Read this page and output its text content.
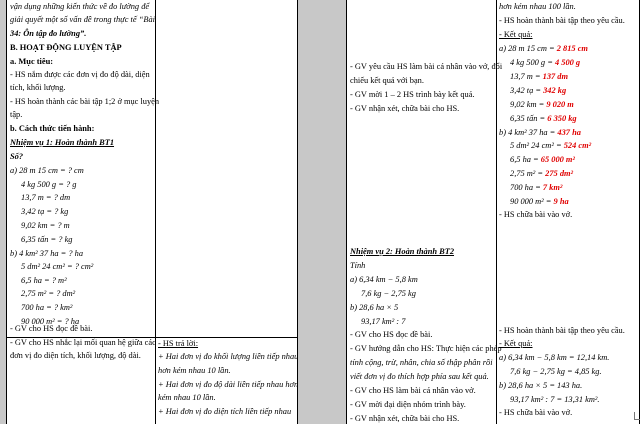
vận dụng những kiến thức về đo lường để
giải quyết một số vấn đề trong thực tế “Bài
34: Ôn tập đo lường”.
B. HOẠT ĐỘNG LUYỆN TẬP
a. Mục tiêu:
- HS nắm được các đơn vị đo độ dài, diện
tích, khối lượng.
- HS hoàn thành các bài tập 1;2 ở mục luyện
tập.
b. Cách thức tiến hành:
Nhiệm vụ 1: Hoàn thành BT1
Số?
a) 28 m 15 cm = ? cm
4 kg 500 g = ? g
13,7 m = ? dm
3,42 tạ = ? kg
9,02 km = ? m
6,35 tấn = ? kg
b) 4 km² 37 ha = ? ha
5 dm² 24 cm² = ? cm²
6,5 ha = ? m²
2,75 m² = ? dm²
700 ha = ? km²
90 000 m² = ? ha
- GV cho HS đọc đề bài.
- GV cho HS nhắc lại mối quan hệ giữa các
đơn vị đo diện tích, khối lượng, độ dài.
- HS trả lời:
+ Hai đơn vị đo khối lượng liền tiếp nhau
hơn kém nhau 10 lần.
+ Hai đơn vị đo độ dài liền tiếp nhau hơn
kém nhau 10 lần.
+ Hai đơn vị đo diện tích liền tiếp nhau
- GV yêu cầu HS làm bài cá nhân vào vở, đổi
chiếu kết quả với bạn.
- GV mời 1 – 2 HS trình bày kết quả.
- GV nhận xét, chữa bài cho HS.
Nhiệm vụ 2: Hoàn thành BT2
Tính
a) 6,34 km − 5,8 km
7,6 kg − 2,75 kg
b) 28,6 ha × 5
93,17 km² : 7
- GV cho HS đọc đề bài.
- GV hướng dẫn cho HS: Thực hiện các phép
tính cộng, trừ, nhân, chia số thập phân rồi
viết đơn vị đo thích hợp phía sau kết quả.
- GV cho HS làm bài cá nhân vào vở.
- GV mời đại diện nhóm trình bày.
- GV nhận xét, chữa bài cho HS.
hơn kém nhau 100 lần.
- HS hoàn thành bài tập theo yêu cầu.
- Kết quả:
a) 28 m 15 cm = 2 815 cm
4 kg 500 g = 4 500 g
13,7 m = 137 dm
3,42 tạ = 342 kg
9,02 km = 9 020 m
6,35 tấn = 6 350 kg
b) 4 km² 37 ha = 437 ha
5 dm² 24 cm² = 524 cm²
6,5 ha = 65 000 m²
2,75 m² = 275 dm²
700 ha = 7 km²
90 000 m² = 9 ha
- HS chữa bài vào vở.
- HS hoàn thành bài tập theo yêu cầu.
- Kết quả:
a) 6,34 km − 5,8 km = 12,14 km.
7,6 kg − 2,75 kg = 4,85 kg.
b) 28,6 ha × 5 = 143 ha.
93,17 km² : 7 = 13,31 km².
- HS chữa bài vào vở.
